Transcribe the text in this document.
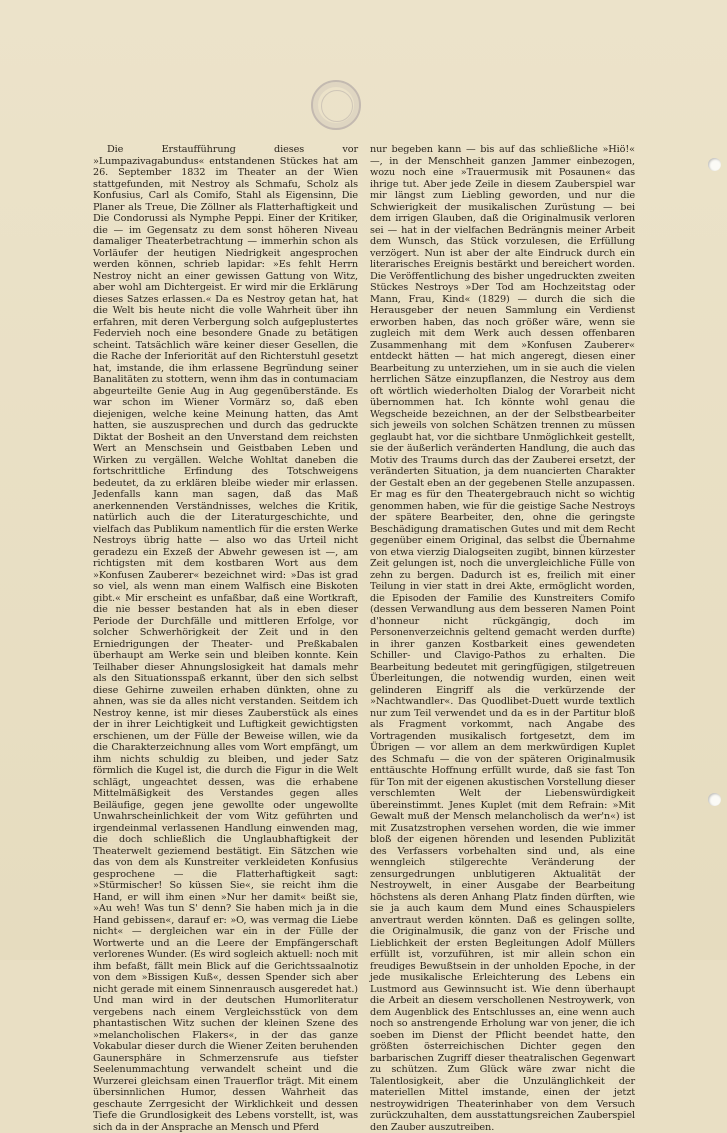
Die Erstaufführung dieses vor »Lumpazivagabundus« entstandenen Stückes hat am 26. September 1832 im Theater an der Wien stattgefunden, mit Nestroy als Schmafu, Scholz als Konfusius, Carl als Comifo, Stahl als Eigensinn, Die Planer als Treue, Die Zöllner als Flatterhaftigkeit und Die Condorussi als Nymphe Peppi. Einer der Kritiker, die — im Gegensatz zu dem sonst höheren Niveau damaliger Theaterbetrachtung — immerhin schon als Vorläufer der heutigen Niedrigkeit angesprochen werden können, schrieb lapidar: »Es fehlt Herrn Nestroy nicht an einer gewissen Gattung von Witz, aber wohl am Dichtergeist. Er wird mir die Erklärung dieses Satzes erlassen.« Da es Nestroy getan hat, hat die Welt bis heute nicht die volle Wahrheit über ihn erfahren, mit deren Verbergung solch aufgeplustertes Federvieh noch eine besondere Gnade zu betätigen scheint. Tatsächlich wäre keiner dieser Gesellen, die die Rache der Inferiorität auf den Richterstuhl gesetzt hat, imstande, die ihm erlassene Begründung seiner Banalitäten zu stottern, wenn ihm das in contumaciam abgeurteilte Genie Aug in Aug gegenüberstände. Es war schon im Wiener Vormärz so, daß eben diejenigen, welche keine Meinung hatten, das Amt hatten, sie auszusprechen und durch das gedruckte Diktat der Bosheit an den Unverstand dem reichsten Wert an Menschsein und Geistbaben Leben und Wirken zu vergällen. Welche Wohltat daneben die fortschrittliche Erfindung des Totschweigens bedeutet, da zu erklären bleibe wieder mir erlassen. Jedenfalls kann man sagen, daß das Maß anerkennenden Verständnisses, welches die Kritik, natürlich auch die der Literaturgeschichte, und vielfach das Publikum namentlich für die ersten Werke Nestroys übrig hatte — also wo das Urteil nicht geradezu ein Exzeß der Abwehr gewesen ist —, am richtigsten mit dem kostbaren Wort aus dem »Konfusen Zauberer« bezeichnet wird: »Das ist grad so viel, als wenn man einem Walfisch eine Biskoten gibt.« Mir erscheint es unfaßbar, daß eine Wortkraft, die nie besser bestanden hat als in eben dieser Periode der Durchfälle und mittleren Erfolge, vor solcher Schwerhörigkeit der Zeit und in den Erniedrigungen der Theater- und Preßkabalen überhaupt am Werke sein und bleiben konnte. Kein Teilhaber dieser Ahnungslosigkeit hat damals mehr als den Situationsspaß erkannt, über den sich selbst diese Gehirne zuweilen erhaben dünkten, ohne zu ahnen, was sie da alles nicht verstanden. Seitdem ich Nestroy kenne, ist mir dieses Zauberstück als eines der in ihrer Leichtigkeit und Luftigkeit gewichtigsten erschienen, um der Fülle der Beweise willen, wie da die Charakterzeichnung alles vom Wort empfängt, um ihm nichts schuldig zu bleiben, und jeder Satz förmlich die Kugel ist, die durch die Figur in die Welt schlägt, ungeachtet dessen, was die erhabene Mittelmäßigkeit des Verstandes gegen alles Beiläufige, gegen jene gewollte oder ungewollte Unwahrscheinlichkeit der vom Witz geführten und irgendeinmal verlassenen Handlung einwenden mag, die doch schließlich die Unglaubhaftigkeit der Theaterwelt geziemend bestätigt. Ein Sätzchen wie das von dem als Kunstreiter verkleideten Konfusius gesprochene — die Flatterhaftigkeit sagt: »Stürmischer! So küssen Sie«, sie reicht ihm die Hand, er will ihm einen »Nur her damit« beißt sie, »Au weh! Was tun S' denn? Sie haben mich ja in die Hand gebissen«, darauf er: »O, was vermag die Liebe nicht« — dergleichen war ein in der Fülle der Wortwerte und an die Leere der Empfängerschaft verlorenes Wunder. (Es wird sogleich aktuell: noch mit ihm befaßt, fällt mein Blick auf die Gerichtssaalnotiz von dem »Bissigen Kuß«, dessen Spender sich aber nicht gerade mit einem Sinnenrausch ausgeredet hat.) Und man wird in der deutschen Humorliteratur vergebens nach einem Vergleichsstück von dem phantastischen Witz suchen der kleinen Szene des »melancholischen Flakers«, in der das ganze Vokabular dieser durch die Wiener Zeiten beruhenden Gaunersphäre in Schmerzensrufe aus tiefster Seelenummachtung verwandelt scheint und die Wurzerei gleichsam einen Trauerflor trägt. Mit einem übersinnlichen Humor, dessen Wahrheit das geschaute Zerrgesicht der Wirklichkeit und dessen Tiefe die Grundlosigkeit des Lebens vorstellt, ist, was sich da in der Ansprache an Mensch und Pferd

nur begeben kann — bis auf das schließliche »Hiö!« —, in der Menschheit ganzen Jammer einbezogen, wozu noch eine »Trauermusik mit Posaunen« das ihrige tut. Aber jede Zeile in diesem Zauberspiel war mir längst zum Liebling geworden, und nur die Schwierigkeit der musikalischen Zurüstung — bei dem irrigen Glauben, daß die Originalmusik verloren sei — hat in der vielfachen Bedrängnis meiner Arbeit dem Wunsch, das Stück vorzulesen, die Erfüllung verzögert. Nun ist aber der alte Eindruck durch ein literarisches Ereignis bestärkt und bereichert worden. Die Veröffentlichung des bisher ungedruckten zweiten Stückes Nestroys »Der Tod am Hochzeitstag oder Mann, Frau, Kind« (1829) — durch die sich die Herausgeber der neuen Sammlung ein Verdienst erworben haben, das noch größer wäre, wenn sie zugleich mit dem Werk auch dessen offenbaren Zusammenhang mit dem »Konfusen Zauberer« entdeckt hätten — hat mich angeregt, diesen einer Bearbeitung zu unterziehen, um in sie auch die vielen herrlichen Sätze einzupflanzen, die Nestroy aus dem oft wörtlich wiederholten Dialog der Vorarbeit nicht übernommen hat. Ich könnte wohl genau die Wegscheide bezeichnen, an der der Selbstbearbeiter sich jeweils von solchen Schätzen trennen zu müssen geglaubt hat, vor die sichtbare Unmöglichkeit gestellt, sie der äußerlich veränderten Handlung, die auch das Motiv des Traums durch das der Zauberei ersetzt, der veränderten Situation, ja dem nuancierten Charakter der Gestalt eben an der gegebenen Stelle anzupassen. Er mag es für den Theatergebrauch nicht so wichtig genommen haben, wie für die geistige Sache Nestroys der spätere Bearbeiter, den, ohne die geringste Beschädigung dramatischen Gutes und mit dem Recht gegenüber einem Original, das selbst die Übernahme von etwa vierzig Dialogseiten zugibt, binnen kürzester Zeit gelungen ist, noch die unvergleichliche Fülle von zehn zu bergen. Dadurch ist es, freilich mit einer Teilung in vier statt in drei Akte, ermöglicht worden, die Episoden der Familie des Kunstreiters Comifo (dessen Verwandlung aus dem besseren Namen Point d'honneur nicht rückgängig, doch im Personenverzeichnis geltend gemacht werden durfte) in ihrer ganzen Kostbarkeit eines gewendeten Schiller- und Clavigo-Pathos zu erhalten. Die Bearbeitung bedeutet mit geringfügigen, stilgetreuen Überleitungen, die notwendig wurden, einen weit gelinderen Eingriff als die verkürzende der »Nachtwandler«. Das Quodlibet-Duett wurde textlich nur zum Teil verwendet und da es in der Partitur bloß als Fragment vorkommt, nach Angabe des Vortragenden musikalisch fortgesetzt, dem im Übrigen — vor allem an dem merkwürdigen Kuplet des Schmafu — die von der späteren Originalmusik enttäuschte Hoffnung erfüllt wurde, daß sie fast Ton für Ton mit der eigenen akustischen Vorstellung dieser verschlemten Welt der Liebenswürdigkeit übereinstimmt. Jenes Kuplet (mit dem Refrain: »Mit Gewalt muß der Mensch melancholisch da wer'n«) ist mit Zusatzstrophen versehen worden, die wie immer bloß der eigenen hörenden und lesenden Publizität des Verfassers vorbehalten sind und, als eine wenngleich stilgerechte Veränderung der zensurgedrungen unblutigeren Aktualität der Nestroywelt, in einer Ausgabe der Bearbeitung höchstens als deren Anhang Platz finden dürften, wie sie ja auch kaum dem Mund eines Schauspielers anvertraut werden könnten. Daß es gelingen sollte, die Originalmusik, die ganz von der Frische und Lieblichkeit der ersten Begleitungen Adolf Müllers erfüllt ist, vorzuführen, ist mir allein schon ein freudiges Bewußtsein in der unholden Epoche, in der jede musikalische Erleichterung des Lebens ein Lustmord aus Gewinnsucht ist. Wie denn überhaupt die Arbeit an diesem verschollenen Nestroywerk, von dem Augenblick des Entschlusses an, eine wenn auch noch so anstrengende Erholung war von jener, die ich soeben im Dienst der Pflicht beendet hatte, den größten österreichischen Dichter gegen den barbarischen Zugriff dieser theatralischen Gegenwart zu schützen. Zum Glück wäre zwar nicht die Talentlosigkeit, aber die Unzulänglichkeit der materiellen Mittel imstande, einen der jetzt nestroywidrigen Theaterinhaber von dem Versuch zurückzuhalten, dem ausstattungsreichen Zauberspiel den Zauber auszutreiben.
